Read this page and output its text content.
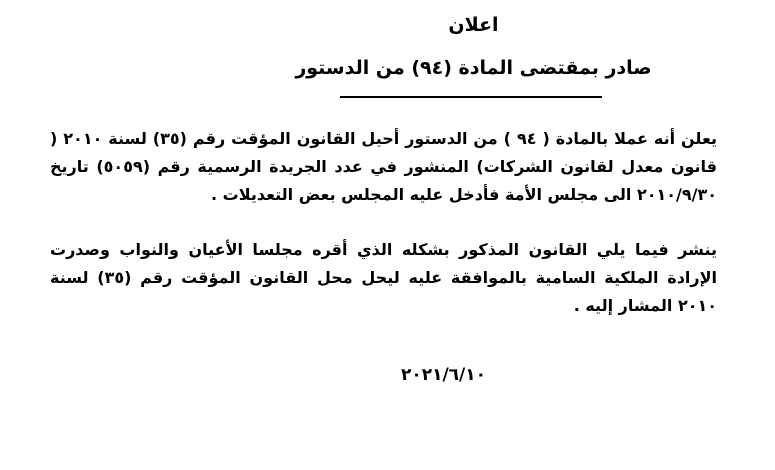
اعلان
صادر بمقتضى المادة (٩٤) من الدستور

يعلن أنه عملا بالمادة ( ٩٤ ) من الدستور أحيل القانون المؤقت رقم (٣٥) لسنة ٢٠١٠ ( قانون معدل لقانون الشركات) المنشور في عدد الجريدة الرسمية رقم (٥٠٥٩) تاريخ ٢٠١٠/٩/٣٠ الى مجلس الأمة فأدخل عليه المجلس بعض التعديلات .

ينشر فيما يلي القانون المذكور بشكله الذي أقره مجلسا الأعيان والنواب وصدرت الإرادة الملكية السامية بالموافقة عليه ليحل محل القانون المؤقت رقم (٣٥) لسنة ٢٠١٠ المشار إليه .

٢٠٢١/٦/١٠
